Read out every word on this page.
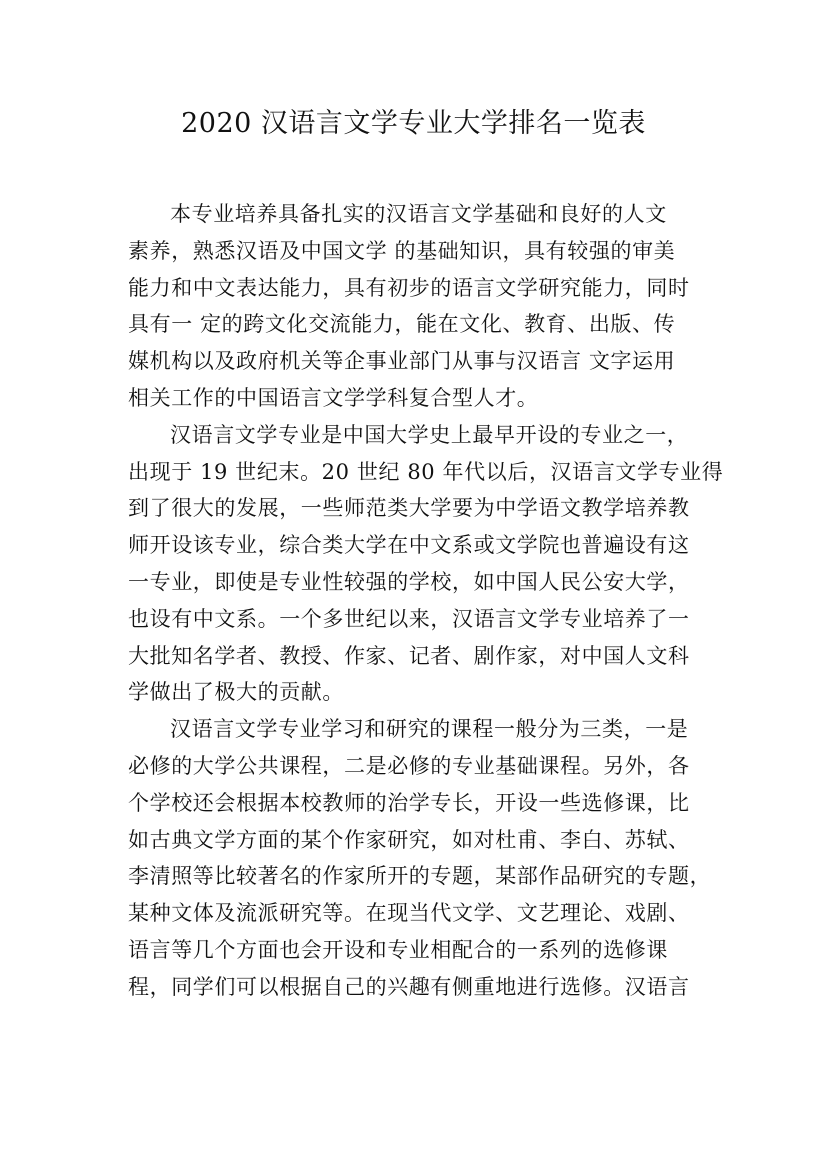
2020 汉语言文学专业大学排名一览表
本专业培养具备扎实的汉语言文学基础和良好的人文
素养，熟悉汉语及中国文学 的基础知识，具有较强的审美
能力和中文表达能力，具有初步的语言文学研究能力，同时
具有一 定的跨文化交流能力，能在文化、教育、出版、传
媒机构以及政府机关等企事业部门从事与汉语言 文字运用
相关工作的中国语言文学学科复合型人才。
汉语言文学专业是中国大学史上最早开设的专业之一，
出现于 19 世纪末。20 世纪 80 年代以后，汉语言文学专业得
到了很大的发展，一些师范类大学要为中学语文教学培养教
师开设该专业，综合类大学在中文系或文学院也普遍设有这
一专业，即使是专业性较强的学校，如中国人民公安大学，
也设有中文系。一个多世纪以来，汉语言文学专业培养了一
大批知名学者、教授、作家、记者、剧作家，对中国人文科
学做出了极大的贡献。
汉语言文学专业学习和研究的课程一般分为三类，一是
必修的大学公共课程，二是必修的专业基础课程。另外，各
个学校还会根据本校教师的治学专长，开设一些选修课，比
如古典文学方面的某个作家研究，如对杜甫、李白、苏轼、
李清照等比较著名的作家所开的专题，某部作品研究的专题，
某种文体及流派研究等。在现当代文学、文艺理论、戏剧、
语言等几个方面也会开设和专业相配合的一系列的选修课
程，同学们可以根据自己的兴趣有侧重地进行选修。汉语言
